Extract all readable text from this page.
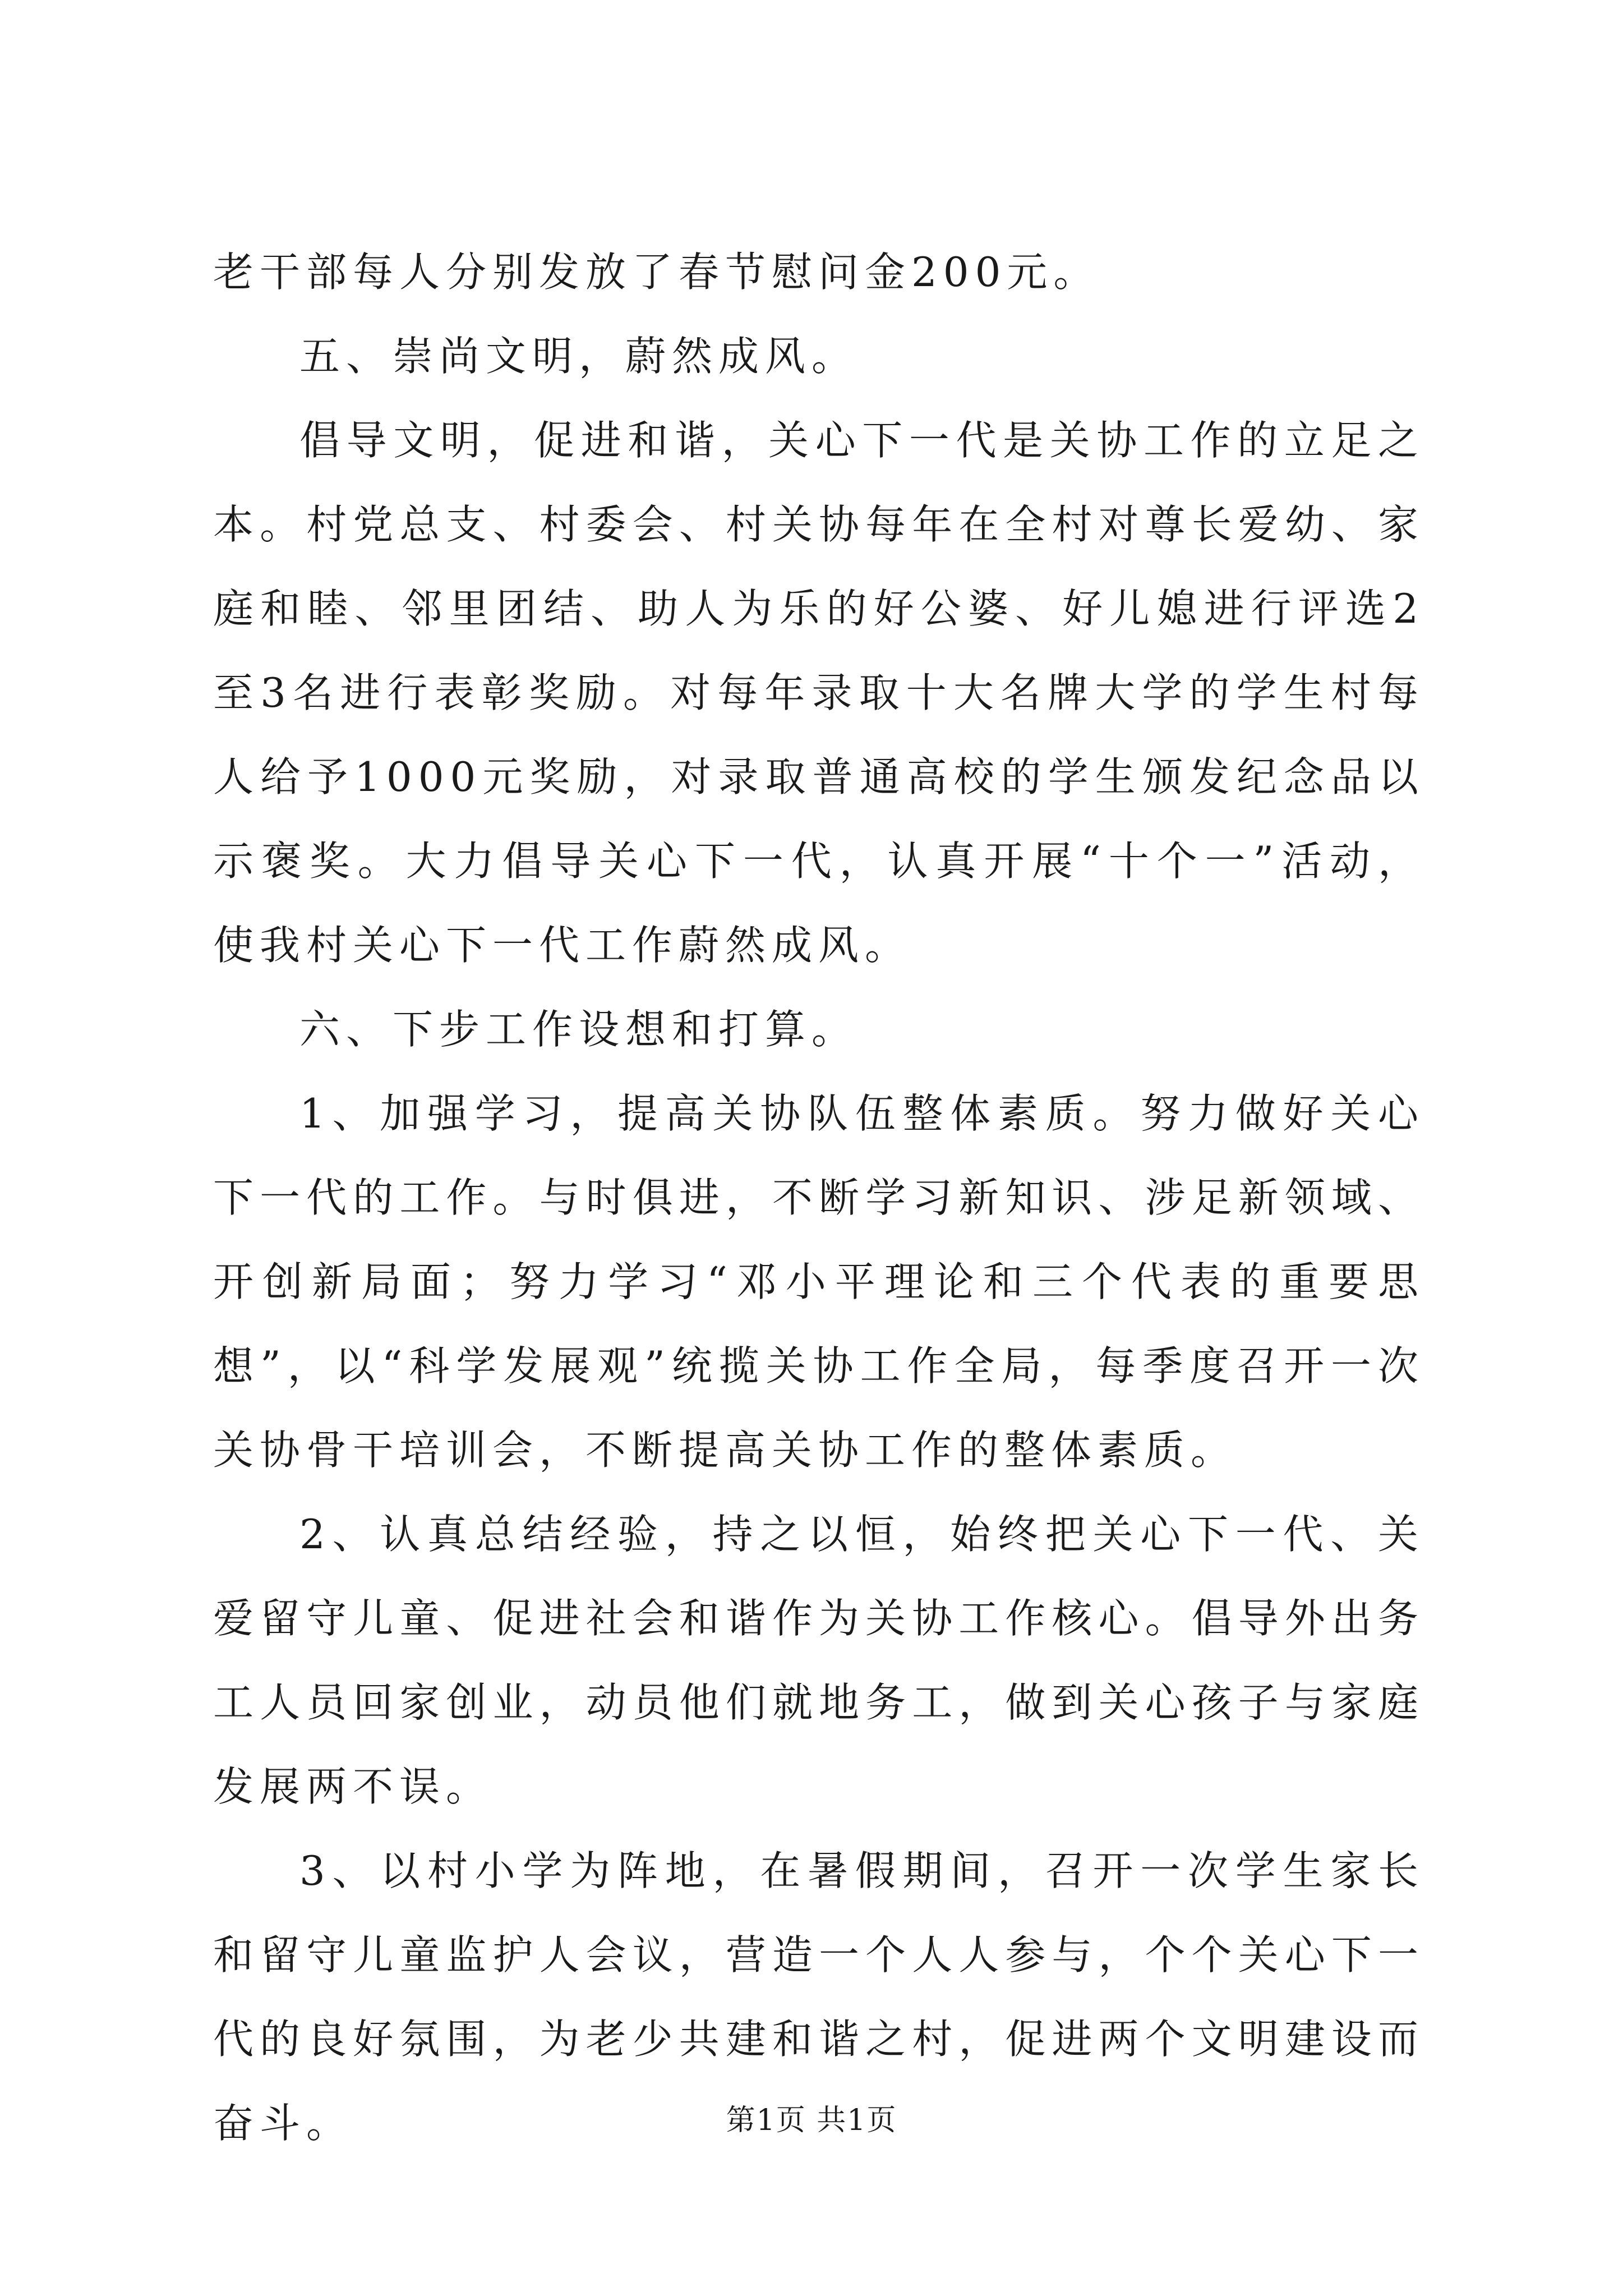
老干部每人分别发放了春节慰问金200元。

五、崇尚文明，蔚然成风。

倡导文明，促进和谐，关心下一代是关协工作的立足之本。村党总支、村委会、村关协每年在全村对尊长爱幼、家庭和睦、邻里团结、助人为乐的好公婆、好儿媳进行评选2至3名进行表彰奖励。对每年录取十大名牌大学的学生村每人给予1000元奖励，对录取普通高校的学生颁发纪念品以示褒奖。大力倡导关心下一代，认真开展“十个一”活动，使我村关心下一代工作蔚然成风。

六、下步工作设想和打算。

1、加强学习，提高关协队伍整体素质。努力做好关心下一代的工作。与时俱进，不断学习新知识、涉足新领域、开创新局面；努力学习“邓小平理论和三个代表的重要思想”，以“科学发展观”统揽关协工作全局，每季度召开一次关协骨干培训会，不断提高关协工作的整体素质。

2、认真总结经验，持之以恒，始终把关心下一代、关爱留守儿童、促进社会和谐作为关协工作核心。倡导外出务工人员回家创业，动员他们就地务工，做到关心孩子与家庭发展两不误。

3、以村小学为阵地，在暑假期间，召开一次学生家长和留守儿童监护人会议，营造一个人人参与，个个关心下一代的良好氛围，为老少共建和谐之村，促进两个文明建设而奋斗。	第1页 共1页
